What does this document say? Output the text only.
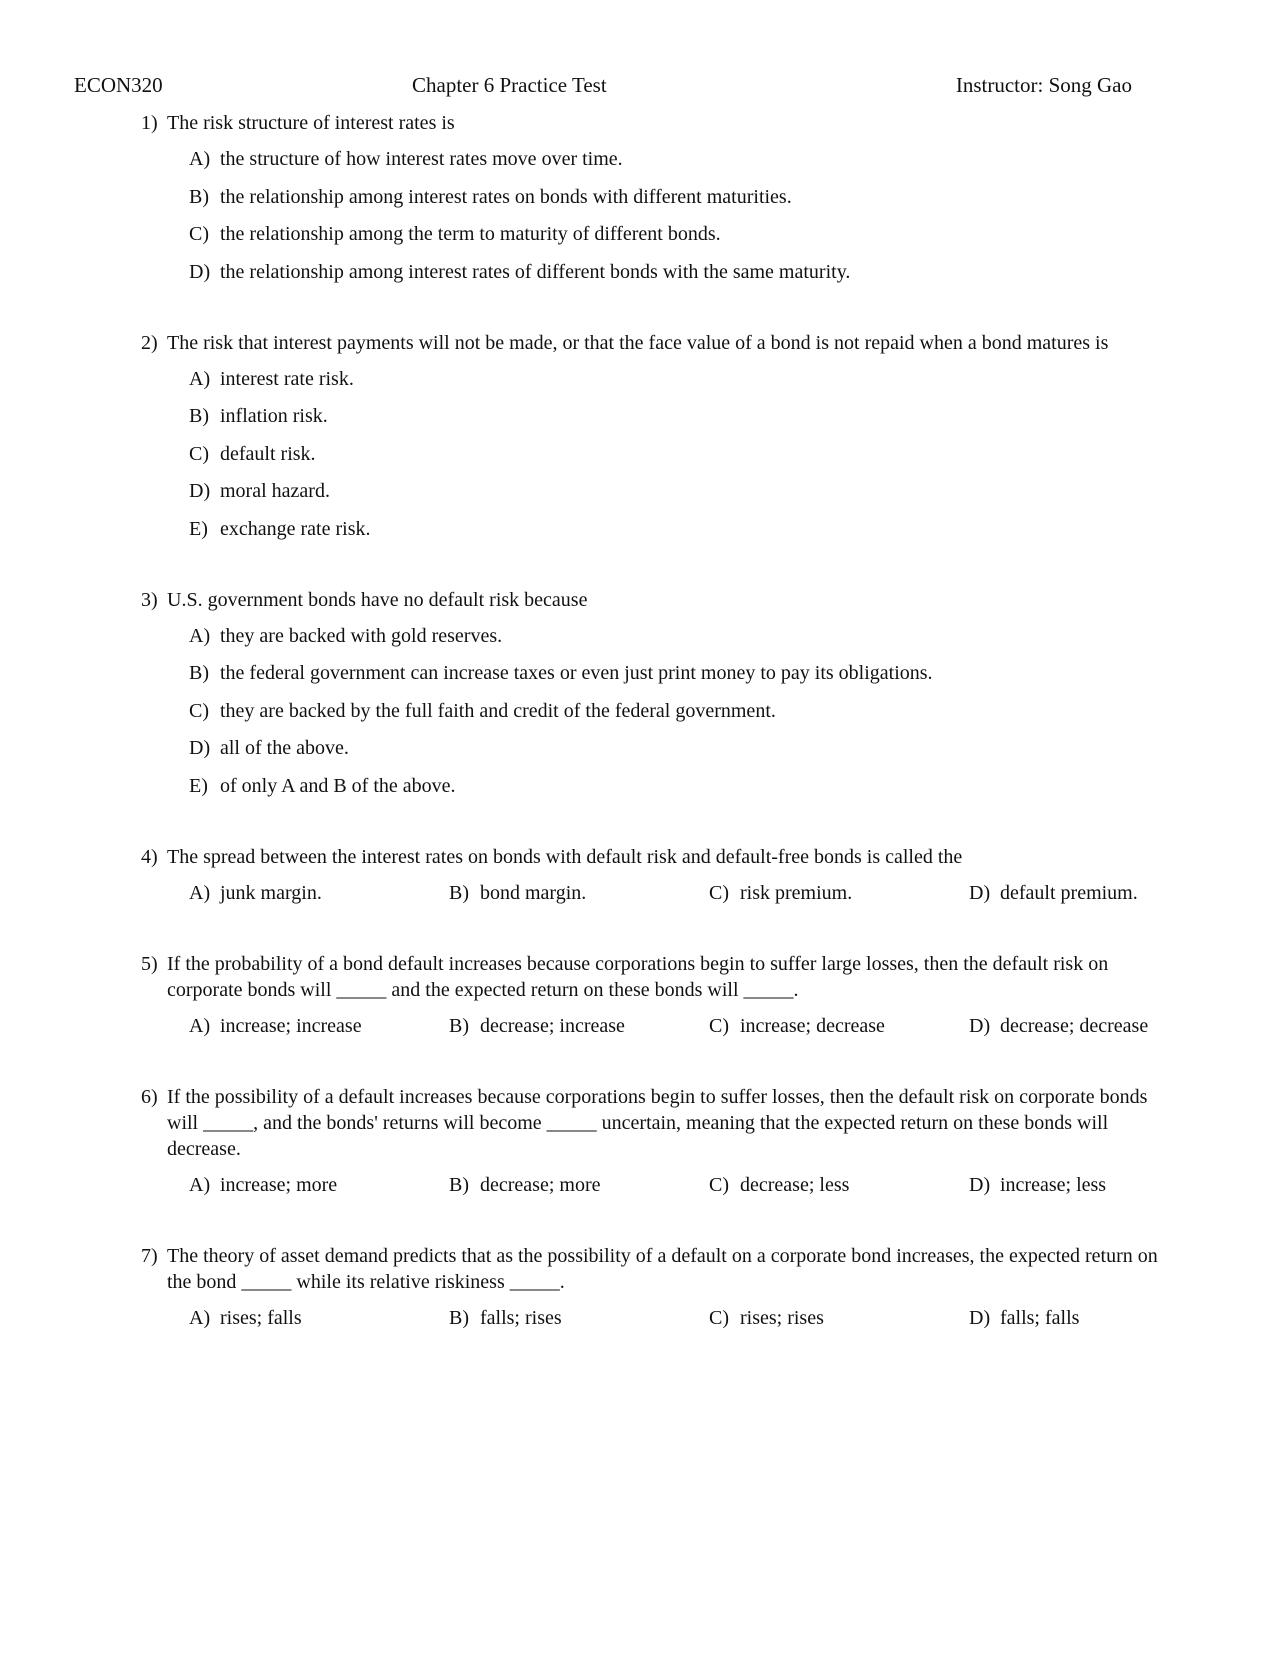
ECON320	Chapter 6 Practice Test	Instructor: Song Gao
1) The risk structure of interest rates is
A) the structure of how interest rates move over time.
B) the relationship among interest rates on bonds with different maturities.
C) the relationship among the term to maturity of different bonds.
D) the relationship among interest rates of different bonds with the same maturity.
2) The risk that interest payments will not be made, or that the face value of a bond is not repaid when a bond matures is
A) interest rate risk.
B) inflation risk.
C) default risk.
D) moral hazard.
E) exchange rate risk.
3) U.S. government bonds have no default risk because
A) they are backed with gold reserves.
B) the federal government can increase taxes or even just print money to pay its obligations.
C) they are backed by the full faith and credit of the federal government.
D) all of the above.
E) of only A and B of the above.
4) The spread between the interest rates on bonds with default risk and default-free bonds is called the
A) junk margin.	B) bond margin.	C) risk premium.	D) default premium.
5) If the probability of a bond default increases because corporations begin to suffer large losses, then the default risk on corporate bonds will _____ and the expected return on these bonds will _____.
A) increase; increase	B) decrease; increase	C) increase; decrease	D) decrease; decrease
6) If the possibility of a default increases because corporations begin to suffer losses, then the default risk on corporate bonds will _____, and the bonds' returns will become _____ uncertain, meaning that the expected return on these bonds will decrease.
A) increase; more	B) decrease; more	C) decrease; less	D) increase; less
7) The theory of asset demand predicts that as the possibility of a default on a corporate bond increases, the expected return on the bond _____ while its relative riskiness _____.
A) rises; falls	B) falls; rises	C) rises; rises	D) falls; falls
